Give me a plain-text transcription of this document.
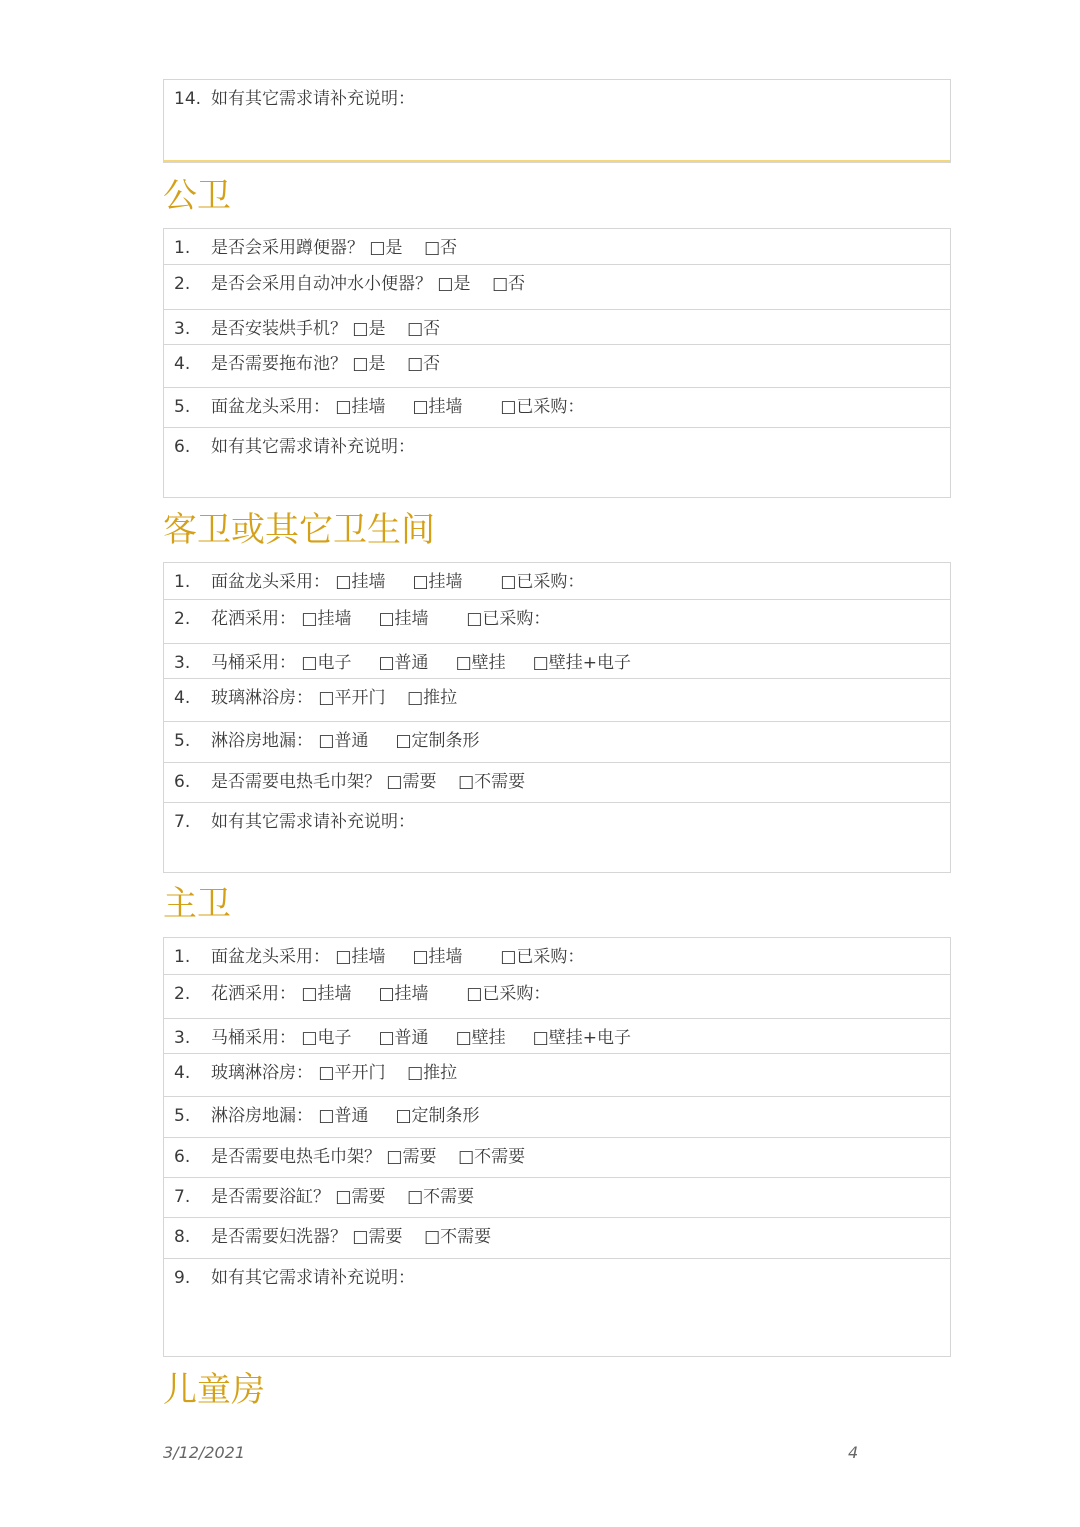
14. 如有其它需求请补充说明：
公卫
1. 是否会采用蹲便器？ □是    □否
2. 是否会采用自动冲水小便器？ □是    □否
3. 是否安装烘手机？ □是    □否
4. 是否需要拖布池？ □是    □否
5. 面盆龙头采用： □挂墙     □挂墙       □已采购：
6. 如有其它需求请补充说明：
客卫或其它卫生间
1. 面盆龙头采用： □挂墙     □挂墙       □已采购：
2. 花洒采用： □挂墙     □挂墙       □已采购：
3. 马桶采用： □电子     □普通     □壁挂     □壁挂+电子
4. 玻璃淋浴房： □平开门    □推拉
5. 淋浴房地漏： □普通     □定制条形
6. 是否需要电热毛巾架？ □需要    □不需要
7. 如有其它需求请补充说明：
主卫
1. 面盆龙头采用： □挂墙     □挂墙       □已采购：
2. 花洒采用： □挂墙     □挂墙       □已采购：
3. 马桶采用： □电子     □普通     □壁挂     □壁挂+电子
4. 玻璃淋浴房： □平开门    □推拉
5. 淋浴房地漏： □普通     □定制条形
6. 是否需要电热毛巾架？ □需要    □不需要
7. 是否需要浴缸？ □需要    □不需要
8. 是否需要妇洗器？ □需要    □不需要
9. 如有其它需求请补充说明：
儿童房
3/12/2021	4
